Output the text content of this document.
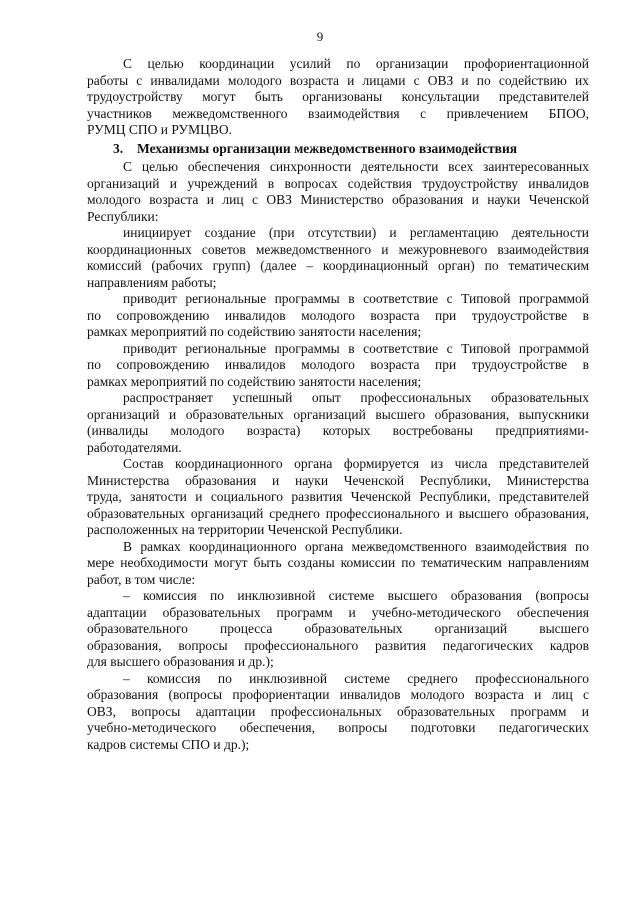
9
С целью координации усилий по организации профориентационной
работы с инвалидами молодого возраста и лицами с ОВЗ и по содействию их
трудоустройству могут быть организованы консультации представителей
участников межведомственного взаимодействия с привлечением БПОО,
РУМЦ СПО и РУМЦВО.
3. Механизмы организации межведомственного взаимодействия
С целью обеспечения синхронности деятельности всех заинтересованных
организаций и учреждений в вопросах содействия трудоустройству инвалидов
молодого возраста и лиц с ОВЗ Министерство образования и науки Чеченской
Республики:
инициирует создание (при отсутствии) и регламентацию деятельности
координационных советов межведомственного и межуровневого взаимодействия
комиссий (рабочих групп) (далее – координационный орган) по тематическим
направлениям работы;
приводит региональные программы в соответствие с Типовой программой
по сопровождению инвалидов молодого возраста при трудоустройстве в
рамках мероприятий по содействию занятости населения;
приводит региональные программы в соответствие с Типовой программой
по сопровождению инвалидов молодого возраста при трудоустройстве в
рамках мероприятий по содействию занятости населения;
распространяет успешный опыт профессиональных образовательных
организаций и образовательных организаций высшего образования, выпускники
(инвалиды молодого возраста) которых востребованы предприятиями-
работодателями.
Состав координационного органа формируется из числа представителей
Министерства образования и науки Чеченской Республики, Министерства
труда, занятости и социального развития Чеченской Республики, представителей
образовательных организаций среднего профессионального и высшего образования,
расположенных на территории Чеченской Республики.
В рамках координационного органа межведомственного взаимодействия по
мере необходимости могут быть созданы комиссии по тематическим направлениям
работ, в том числе:
– комиссия по инклюзивной системе высшего образования (вопросы
адаптации образовательных программ и учебно-методического обеспечения
образовательного процесса образовательных организаций высшего
образования, вопросы профессионального развития педагогических кадров
для высшего образования и др.);
– комиссия по инклюзивной системе среднего профессионального
образования (вопросы профориентации инвалидов молодого возраста и лиц с
ОВЗ, вопросы адаптации профессиональных образовательных программ и
учебно-методического обеспечения, вопросы подготовки педагогических
кадров системы СПО и др.);
